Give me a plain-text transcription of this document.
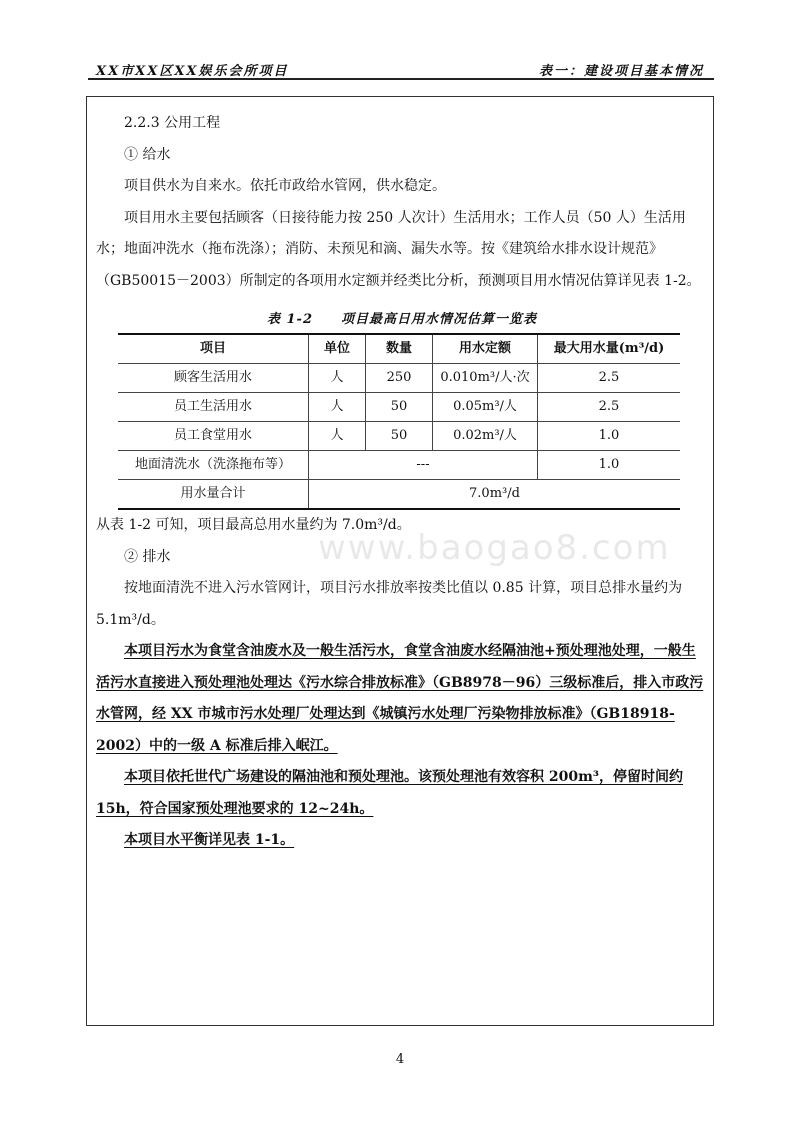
XX市XX区XX娱乐会所项目	表一：建设项目基本情况

2.2.3 公用工程

① 给水

项目供水为自来水。依托市政给水管网，供水稳定。

项目用水主要包括顾客（日接待能力按 250 人次计）生活用水；工作人员（50 人）生活用水；地面冲洗水（拖布洗涤）；消防、未预见和滴、漏失水等。按《建筑给水排水设计规范》（GB50015－2003）所制定的各项用水定额并经类比分析，预测项目用水情况估算详见表 1-2。

表 1-2　　项目最高日用水情况估算一览表
项目	单位	数量	用水定额	最大用水量(m³/d)
顾客生活用水	人	250	0.010m³/人·次	2.5
员工生活用水	人	50	0.05m³/人	2.5
员工食堂用水	人	50	0.02m³/人	1.0
地面清洗水（洗涤拖布等）	---			1.0
用水量合计	7.0m³/d			

从表 1-2 可知，项目最高总用水量约为 7.0m³/d。

② 排水

按地面清洗不进入污水管网计，项目污水排放率按类比值以 0.85 计算，项目总排水量约为 5.1m³/d。

本项目污水为食堂含油废水及一般生活污水，食堂含油废水经隔油池+预处理池处理，一般生活污水直接进入预处理池处理达《污水综合排放标准》（GB8978－96）三级标准后，排入市政污水管网，经 XX 市城市污水处理厂处理达到《城镇污水处理厂污染物排放标准》（GB18918-2002）中的一级 A 标准后排入岷江。

本项目依托世代广场建设的隔油池和预处理池。该预处理池有效容积 200m³，停留时间约 15h，符合国家预处理池要求的 12~24h。

本项目水平衡详见表 1-1。

www.baogao8.com
4
